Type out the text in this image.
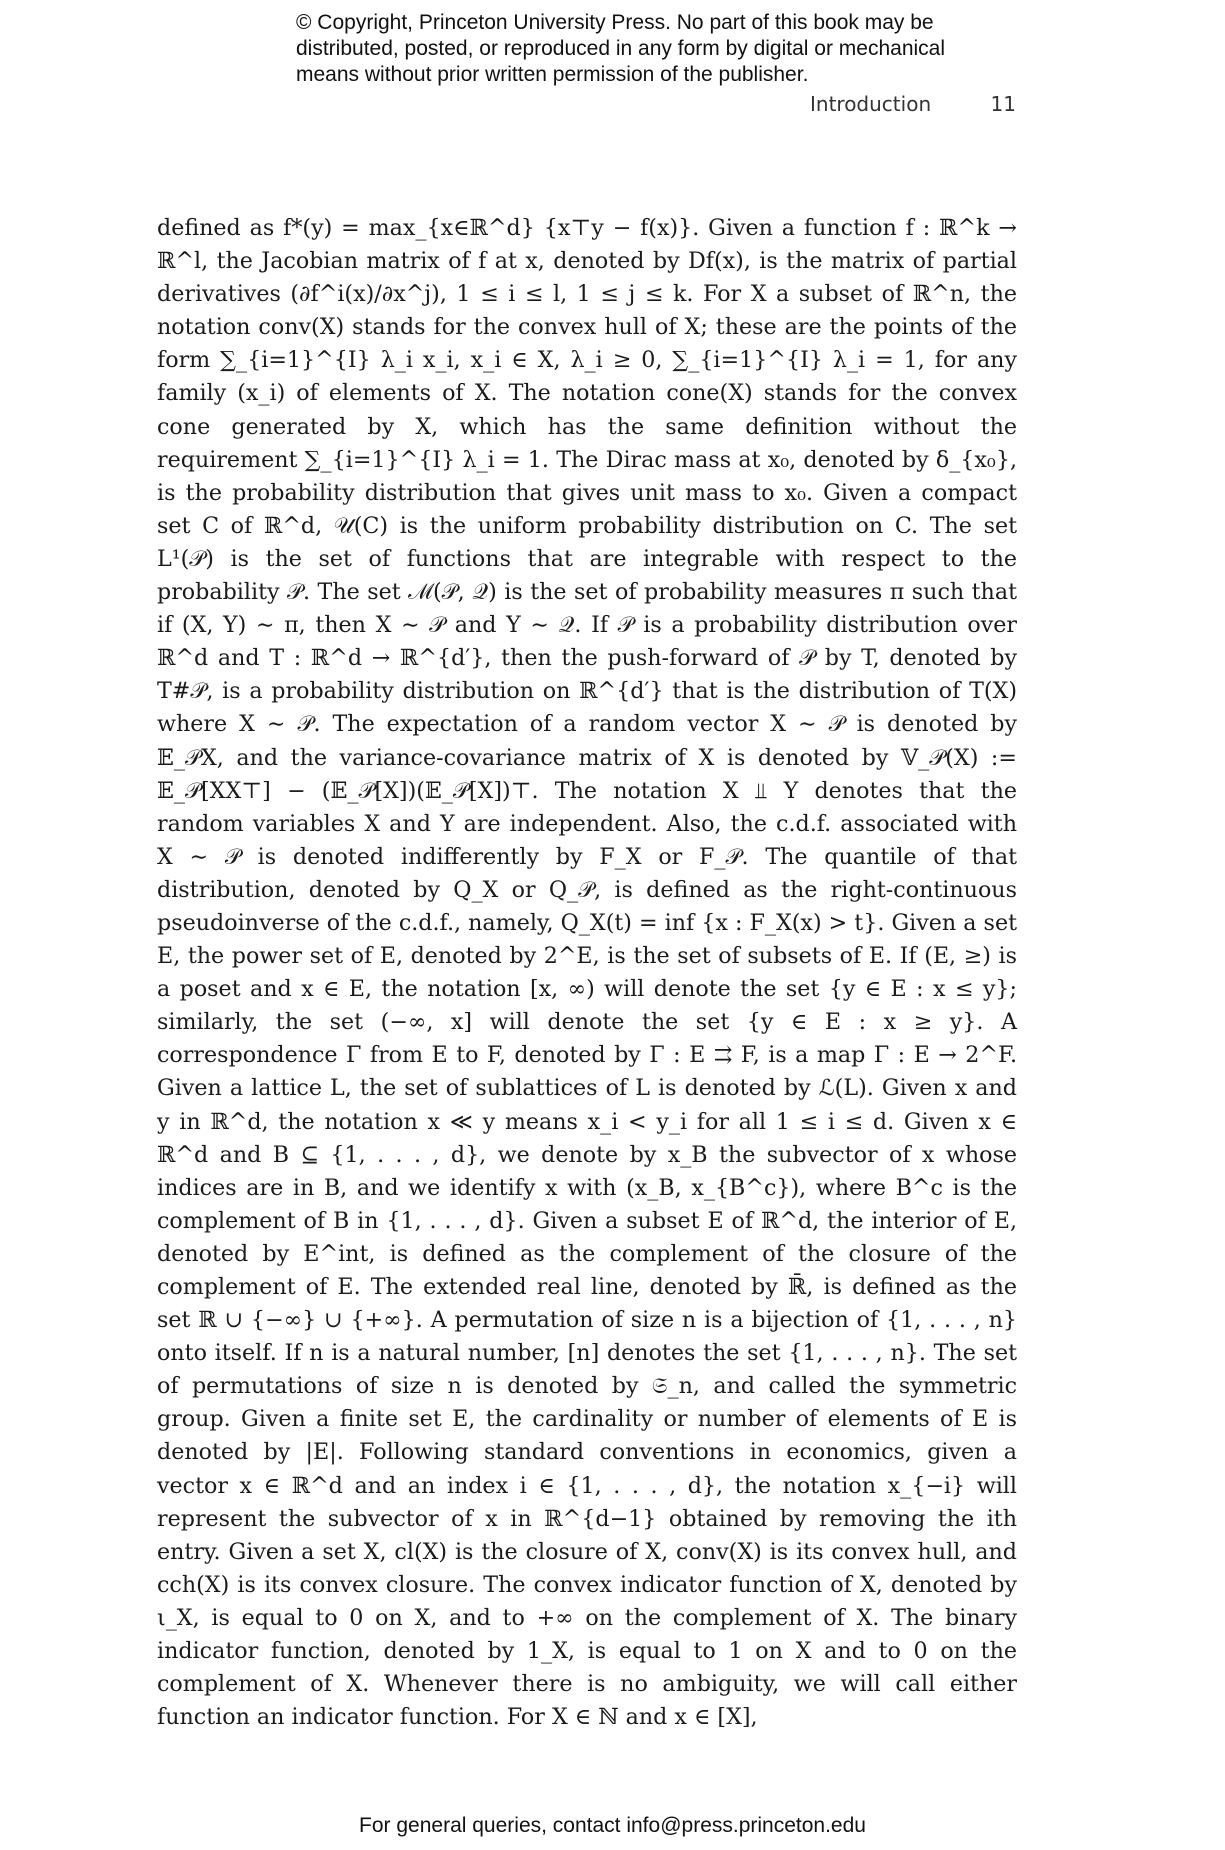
© Copyright, Princeton University Press. No part of this book may be
distributed, posted, or reproduced in any form by digital or mechanical
means without prior written permission of the publisher.
Introduction	11

defined as f*(y) = max_{x∈ℝ^d} {x⊤y − f(x)}. Given a function f : ℝ^k → ℝ^l, the Jacobian matrix of f at x, denoted by Df(x), is the matrix of partial derivatives (∂f^i(x)/∂x^j), 1 ≤ i ≤ l, 1 ≤ j ≤ k. For X a subset of ℝ^n, the notation conv(X) stands for the convex hull of X; these are the points of the form ∑_{i=1}^{I} λ_i x_i, x_i ∈ X, λ_i ≥ 0, ∑_{i=1}^{I} λ_i = 1, for any family (x_i) of elements of X. The notation cone(X) stands for the convex cone generated by X, which has the same definition without the requirement ∑_{i=1}^{I} λ_i = 1. The Dirac mass at x₀, denoted by δ_{x₀}, is the probability distribution that gives unit mass to x₀. Given a compact set C of ℝ^d, 𝒰(C) is the uniform probability distribution on C. The set L¹(𝒫) is the set of functions that are integrable with respect to the probability 𝒫. The set ℳ(𝒫, 𝒬) is the set of probability measures π such that if (X, Y) ∼ π, then X ∼ 𝒫 and Y ∼ 𝒬. If 𝒫 is a probability distribution over ℝ^d and T : ℝ^d → ℝ^{d′}, then the push-forward of 𝒫 by T, denoted by T#𝒫, is a probability distribution on ℝ^{d′} that is the distribution of T(X) where X ∼ 𝒫. The expectation of a random vector X ∼ 𝒫 is denoted by 𝔼_𝒫X, and the variance-covariance matrix of X is denoted by 𝕍_𝒫(X) := 𝔼_𝒫[XX⊤] − (𝔼_𝒫[X])(𝔼_𝒫[X])⊤. The notation X ⫫ Y denotes that the random variables X and Y are independent. Also, the c.d.f. associated with X ∼ 𝒫 is denoted indifferently by F_X or F_𝒫. The quantile of that distribution, denoted by Q_X or Q_𝒫, is defined as the right-continuous pseudoinverse of the c.d.f., namely, Q_X(t) = inf {x : F_X(x) > t}. Given a set E, the power set of E, denoted by 2^E, is the set of subsets of E. If (E, ≥) is a poset and x ∈ E, the notation [x, ∞) will denote the set {y ∈ E : x ≤ y}; similarly, the set (−∞, x] will denote the set {y ∈ E : x ≥ y}. A correspondence Γ from E to F, denoted by Γ : E ⇉ F, is a map Γ : E → 2^F. Given a lattice L, the set of sublattices of L is denoted by ℒ(L). Given x and y in ℝ^d, the notation x ≪ y means x_i < y_i for all 1 ≤ i ≤ d. Given x ∈ ℝ^d and B ⊆ {1, . . . , d}, we denote by x_B the subvector of x whose indices are in B, and we identify x with (x_B, x_{B^c}), where B^c is the complement of B in {1, . . . , d}. Given a subset E of ℝ^d, the interior of E, denoted by E^int, is defined as the complement of the closure of the complement of E. The extended real line, denoted by ℝ̄, is defined as the set ℝ ∪ {−∞} ∪ {+∞}. A permutation of size n is a bijection of {1, . . . , n} onto itself. If n is a natural number, [n] denotes the set {1, . . . , n}. The set of permutations of size n is denoted by 𝔖_n, and called the symmetric group. Given a finite set E, the cardinality or number of elements of E is denoted by |E|. Following standard conventions in economics, given a vector x ∈ ℝ^d and an index i ∈ {1, . . . , d}, the notation x_{−i} will represent the subvector of x in ℝ^{d−1} obtained by removing the ith entry. Given a set X, cl(X) is the closure of X, conv(X) is its convex hull, and cch(X) is its convex closure. The convex indicator function of X, denoted by ι_X, is equal to 0 on X, and to +∞ on the complement of X. The binary indicator function, denoted by 1_X, is equal to 1 on X and to 0 on the complement of X. Whenever there is no ambiguity, we will call either function an indicator function. For X ∈ ℕ and x ∈ [X],

For general queries, contact info@press.princeton.edu
